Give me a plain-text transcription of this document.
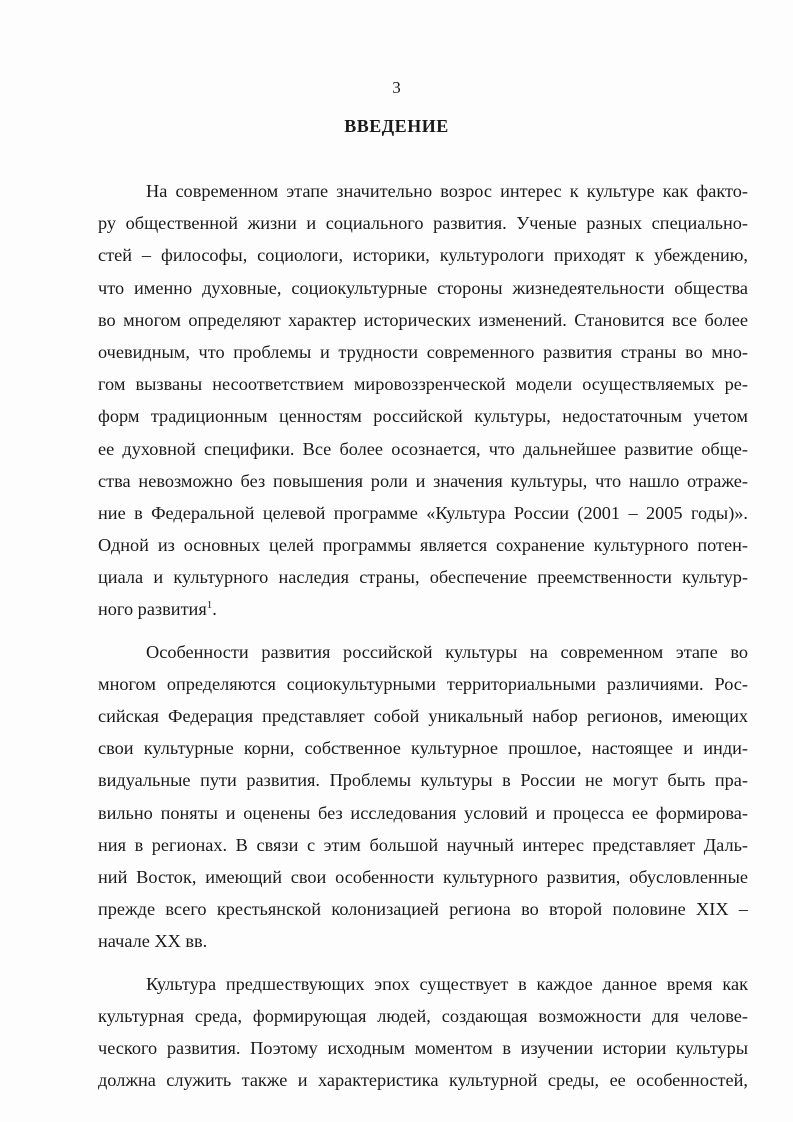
3
ВВЕДЕНИЕ
На современном этапе значительно возрос интерес к культуре как факто-
ру общественной жизни и социального развития. Ученые разных специально-
стей – философы, социологи, историки, культурологи приходят к убеждению,
что именно духовные, социокультурные стороны жизнедеятельности общества
во многом определяют характер исторических изменений. Становится все более
очевидным, что проблемы и трудности современного развития страны во мно-
гом вызваны несоответствием мировоззренческой модели осуществляемых ре-
форм традиционным ценностям российской культуры, недостаточным учетом
ее духовной специфики. Все более осознается, что дальнейшее развитие обще-
ства невозможно без повышения роли и значения культуры, что нашло отраже-
ние в Федеральной целевой программе «Культура России (2001 – 2005 годы)».
Одной из основных целей программы является сохранение культурного потен-
циала и культурного наследия страны, обеспечение преемственности культур-
ного развития$^1$.
Особенности развития российской культуры на современном этапе во
многом определяются социокультурными территориальными различиями. Рос-
сийская Федерация представляет собой уникальный набор регионов, имеющих
свои культурные корни, собственное культурное прошлое, настоящее и инди-
видуальные пути развития. Проблемы культуры в России не могут быть пра-
вильно поняты и оценены без исследования условий и процесса ее формирова-
ния в регионах. В связи с этим большой научный интерес представляет Даль-
ний Восток, имеющий свои особенности культурного развития, обусловленные
прежде всего крестьянской колонизацией региона во второй половине XIX –
начале XX вв.
Культура предшествующих эпох существует в каждое данное время как
культурная среда, формирующая людей, создающая возможности для челове-
ческого развития. Поэтому исходным моментом в изучении истории культуры
должна служить также и характеристика культурной среды, ее особенностей,
